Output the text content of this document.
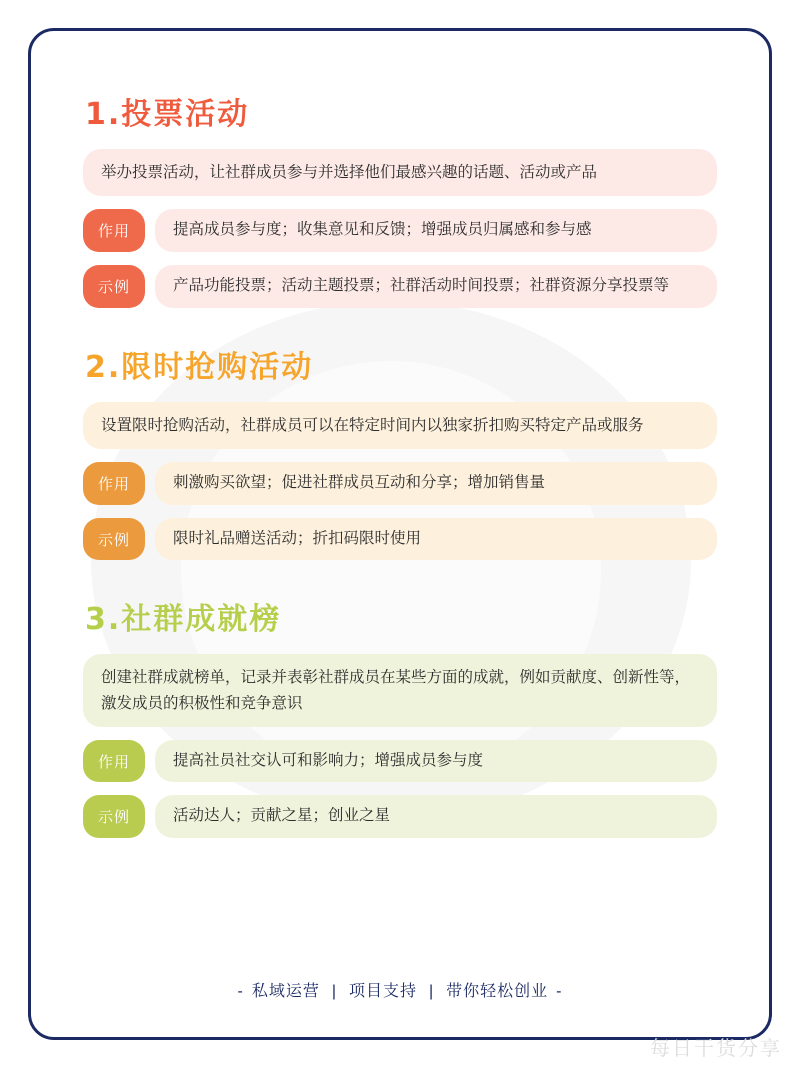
1.投票活动
举办投票活动，让社群成员参与并选择他们最感兴趣的话题、活动或产品
作用	提高成员参与度；收集意见和反馈；增强成员归属感和参与感
示例	产品功能投票；活动主题投票；社群活动时间投票；社群资源分享投票等
2.限时抢购活动
设置限时抢购活动，社群成员可以在特定时间内以独家折扣购买特定产品或服务
作用	刺激购买欲望；促进社群成员互动和分享；增加销售量
示例	限时礼品赠送活动；折扣码限时使用
3.社群成就榜
创建社群成就榜单，记录并表彰社群成员在某些方面的成就，例如贡献度、创新性等，激发成员的积极性和竞争意识
作用	提高社员社交认可和影响力；增强成员参与度
示例	活动达人；贡献之星；创业之星
- 私域运营 | 项目支持 | 带你轻松创业 -
每日干货分享
